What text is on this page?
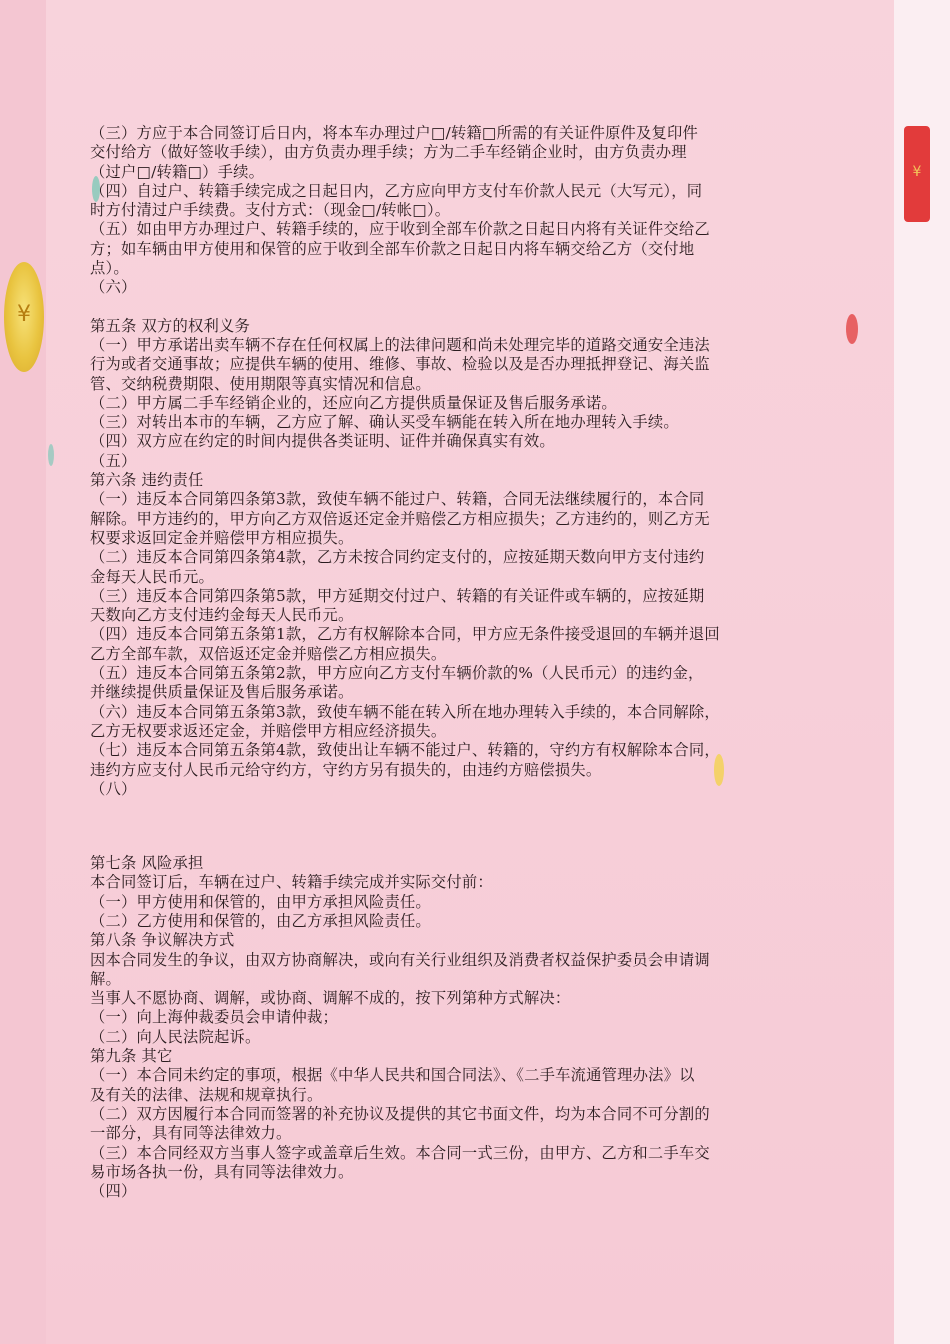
¥
¥

（三）方应于本合同签订后日内，将本车办理过户□/转籍□所需的有关证件原件及复印件

交付给方（做好签收手续），由方负责办理手续；方为二手车经销企业时，由方负责办理

（过户□/转籍□）手续。

（四）自过户、转籍手续完成之日起日内，乙方应向甲方支付车价款人民元（大写元），同

时方付清过户手续费。支付方式：（现金□/转帐□）。

（五）如由甲方办理过户、转籍手续的，应于收到全部车价款之日起日内将有关证件交给乙

方；如车辆由甲方使用和保管的应于收到全部车价款之日起日内将车辆交给乙方（交付地

点）。

（六）

第五条 双方的权利义务

（一）甲方承诺出卖车辆不存在任何权属上的法律问题和尚未处理完毕的道路交通安全违法

行为或者交通事故；应提供车辆的使用、维修、事故、检验以及是否办理抵押登记、海关监

管、交纳税费期限、使用期限等真实情况和信息。

（二）甲方属二手车经销企业的，还应向乙方提供质量保证及售后服务承诺。

（三）对转出本市的车辆，乙方应了解、确认买受车辆能在转入所在地办理转入手续。

（四）双方应在约定的时间内提供各类证明、证件并确保真实有效。

（五）

第六条 违约责任

（一）违反本合同第四条第3款，致使车辆不能过户、转籍，合同无法继续履行的，本合同

解除。甲方违约的，甲方向乙方双倍返还定金并赔偿乙方相应损失；乙方违约的，则乙方无

权要求返回定金并赔偿甲方相应损失。

（二）违反本合同第四条第4款，乙方未按合同约定支付的，应按延期天数向甲方支付违约

金每天人民币元。

（三）违反本合同第四条第5款，甲方延期交付过户、转籍的有关证件或车辆的，应按延期

天数向乙方支付违约金每天人民币元。

（四）违反本合同第五条第1款，乙方有权解除本合同，甲方应无条件接受退回的车辆并退回

乙方全部车款，双倍返还定金并赔偿乙方相应损失。

（五）违反本合同第五条第2款，甲方应向乙方支付车辆价款的%（人民币元）的违约金，

并继续提供质量保证及售后服务承诺。

（六）违反本合同第五条第3款，致使车辆不能在转入所在地办理转入手续的，本合同解除，

乙方无权要求返还定金，并赔偿甲方相应经济损失。

（七）违反本合同第五条第4款，致使出让车辆不能过户、转籍的，守约方有权解除本合同，

违约方应支付人民币元给守约方，守约方另有损失的，由违约方赔偿损失。

（八）

第七条 风险承担

本合同签订后，车辆在过户、转籍手续完成并实际交付前：

（一）甲方使用和保管的，由甲方承担风险责任。

（二）乙方使用和保管的，由乙方承担风险责任。

第八条 争议解决方式

因本合同发生的争议，由双方协商解决，或向有关行业组织及消费者权益保护委员会申请调

解。

当事人不愿协商、调解，或协商、调解不成的，按下列第种方式解决：

（一）向上海仲裁委员会申请仲裁；

（二）向人民法院起诉。

第九条 其它

（一）本合同未约定的事项，根据《中华人民共和国合同法》、《二手车流通管理办法》以

及有关的法律、法规和规章执行。

（二）双方因履行本合同而签署的补充协议及提供的其它书面文件，均为本合同不可分割的

一部分，具有同等法律效力。

（三）本合同经双方当事人签字或盖章后生效。本合同一式三份，由甲方、乙方和二手车交

易市场各执一份，具有同等法律效力。

（四）
